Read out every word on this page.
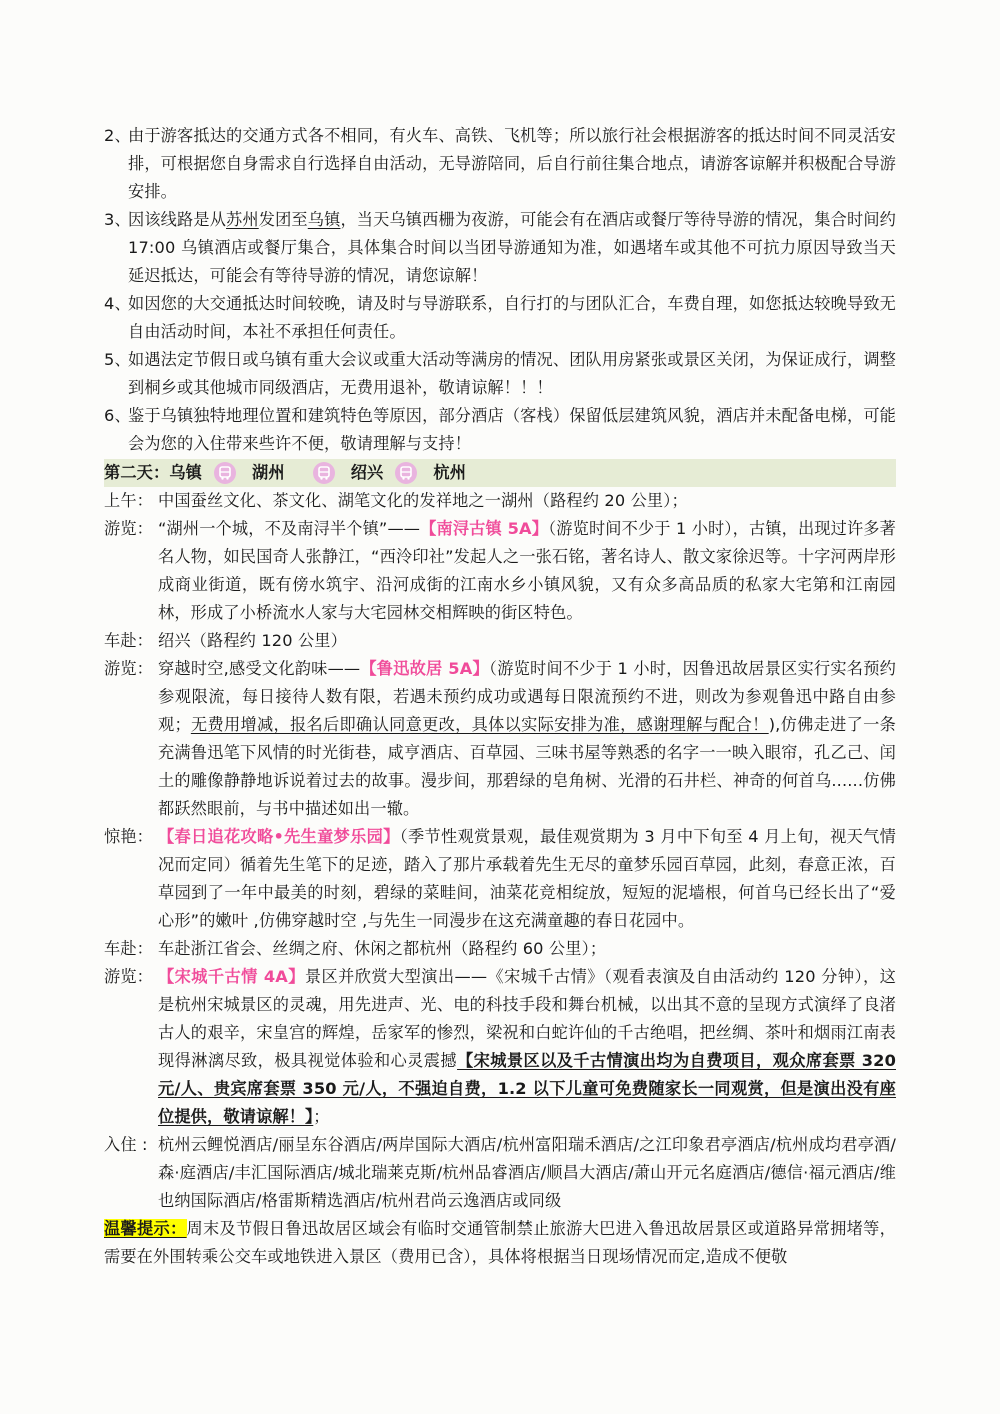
2、
由于游客抵达的交通方式各不相同，有火车、高铁、飞机等；所以旅行社会根据游客的抵达时间不同灵活安排，可根据您自身需求自行选择自由活动，无导游陪同，后自行前往集合地点，请游客谅解并积极配合导游安排。

3、
因该线路是从苏州发团至乌镇，当天乌镇西栅为夜游，可能会有在酒店或餐厅等待导游的情况，集合时间约 17:00 乌镇酒店或餐厅集合，具体集合时间以当团导游通知为准，如遇堵车或其他不可抗力原因导致当天延迟抵达，可能会有等待导游的情况，请您谅解！

4、
如因您的大交通抵达时间较晚，请及时与导游联系，自行打的与团队汇合，车费自理，如您抵达较晚导致无自由活动时间，本社不承担任何责任。

5、
如遇法定节假日或乌镇有重大会议或重大活动等满房的情况、团队用房紧张或景区关闭，为保证成行，调整到桐乡或其他城市同级酒店，无费用退补，敬请谅解！！！

6、
鉴于乌镇独特地理位置和建筑特色等原因，部分酒店（客栈）保留低层建筑风貌，酒店并未配备电梯，可能会为您的入住带来些许不便，敬请理解与支持！

第二天：乌镇	湖州	绍兴	杭州

上午： 中国蚕丝文化、茶文化、湖笔文化的发祥地之一湖州（路程约 20 公里）；

游览： “湖州一个城，不及南浔半个镇”——【南浔古镇 5A】（游览时间不少于 1 小时），古镇，出现过许多著名人物，如民国奇人张静江，“西泠印社”发起人之一张石铭，著名诗人、散文家徐迟等。十字河两岸形成商业街道，既有傍水筑宇、沿河成街的江南水乡小镇风貌，又有众多高品质的私家大宅第和江南园林，形成了小桥流水人家与大宅园林交相辉映的街区特色。

车赴： 绍兴（路程约 120 公里）

游览： 穿越时空,感受文化韵味——【鲁迅故居 5A】（游览时间不少于 1 小时，因鲁迅故居景区实行实名预约参观限流，每日接待人数有限，若遇未预约成功或遇每日限流预约不进，则改为参观鲁迅中路自由参观；无费用增减，报名后即确认同意更改，具体以实际安排为准，感谢理解与配合！),仿佛走进了一条充满鲁迅笔下风情的时光街巷，咸亨酒店、百草园、三味书屋等熟悉的名字一一映入眼帘，孔乙己、闰土的雕像静静地诉说着过去的故事。漫步间，那碧绿的皂角树、光滑的石井栏、神奇的何首乌......仿佛都跃然眼前，与书中描述如出一辙。

惊艳： 【春日追花攻略•先生童梦乐园】（季节性观赏景观，最佳观赏期为 3 月中下旬至 4 月上旬，视天气情况而定同）循着先生笔下的足迹，踏入了那片承载着先生无尽的童梦乐园百草园，此刻，春意正浓，百草园到了一年中最美的时刻，碧绿的菜畦间，油菜花竞相绽放，短短的泥墙根，何首乌已经长出了“爱心形”的嫩叶 ,仿佛穿越时空 ,与先生一同漫步在这充满童趣的春日花园中。

车赴： 车赴浙江省会、丝绸之府、休闲之都杭州（路程约 60 公里）；

游览： 【宋城千古情 4A】景区并欣赏大型演出——《宋城千古情》（观看表演及自由活动约 120 分钟），这是杭州宋城景区的灵魂，用先进声、光、电的科技手段和舞台机械，以出其不意的呈现方式演绎了良渚古人的艰辛，宋皇宫的辉煌，岳家军的惨烈，梁祝和白蛇许仙的千古绝唱，把丝绸、茶叶和烟雨江南表现得淋漓尽致，极具视觉体验和心灵震撼【宋城景区以及千古情演出均为自费项目，观众席套票 320 元/人、贵宾席套票 350 元/人，不强迫自费，1.2 以下儿童可免费随家长一同观赏，但是演出没有座位提供，敬请谅解！】；

入住 : 杭州云鲤悦酒店/丽呈东谷酒店/两岸国际大酒店/杭州富阳瑞禾酒店/之江印象君亭酒店/杭州成均君亭酒/森·庭酒店/丰汇国际酒店/城北瑞莱克斯/杭州品睿酒店/顺昌大酒店/萧山开元名庭酒店/德信·福元酒店/维也纳国际酒店/格雷斯精选酒店/杭州君尚云逸酒店或同级

温馨提示：周末及节假日鲁迅故居区域会有临时交通管制禁止旅游大巴进入鲁迅故居景区或道路异常拥堵等，需要在外围转乘公交车或地铁进入景区（费用已含），具体将根据当日现场情况而定,造成不便敬
